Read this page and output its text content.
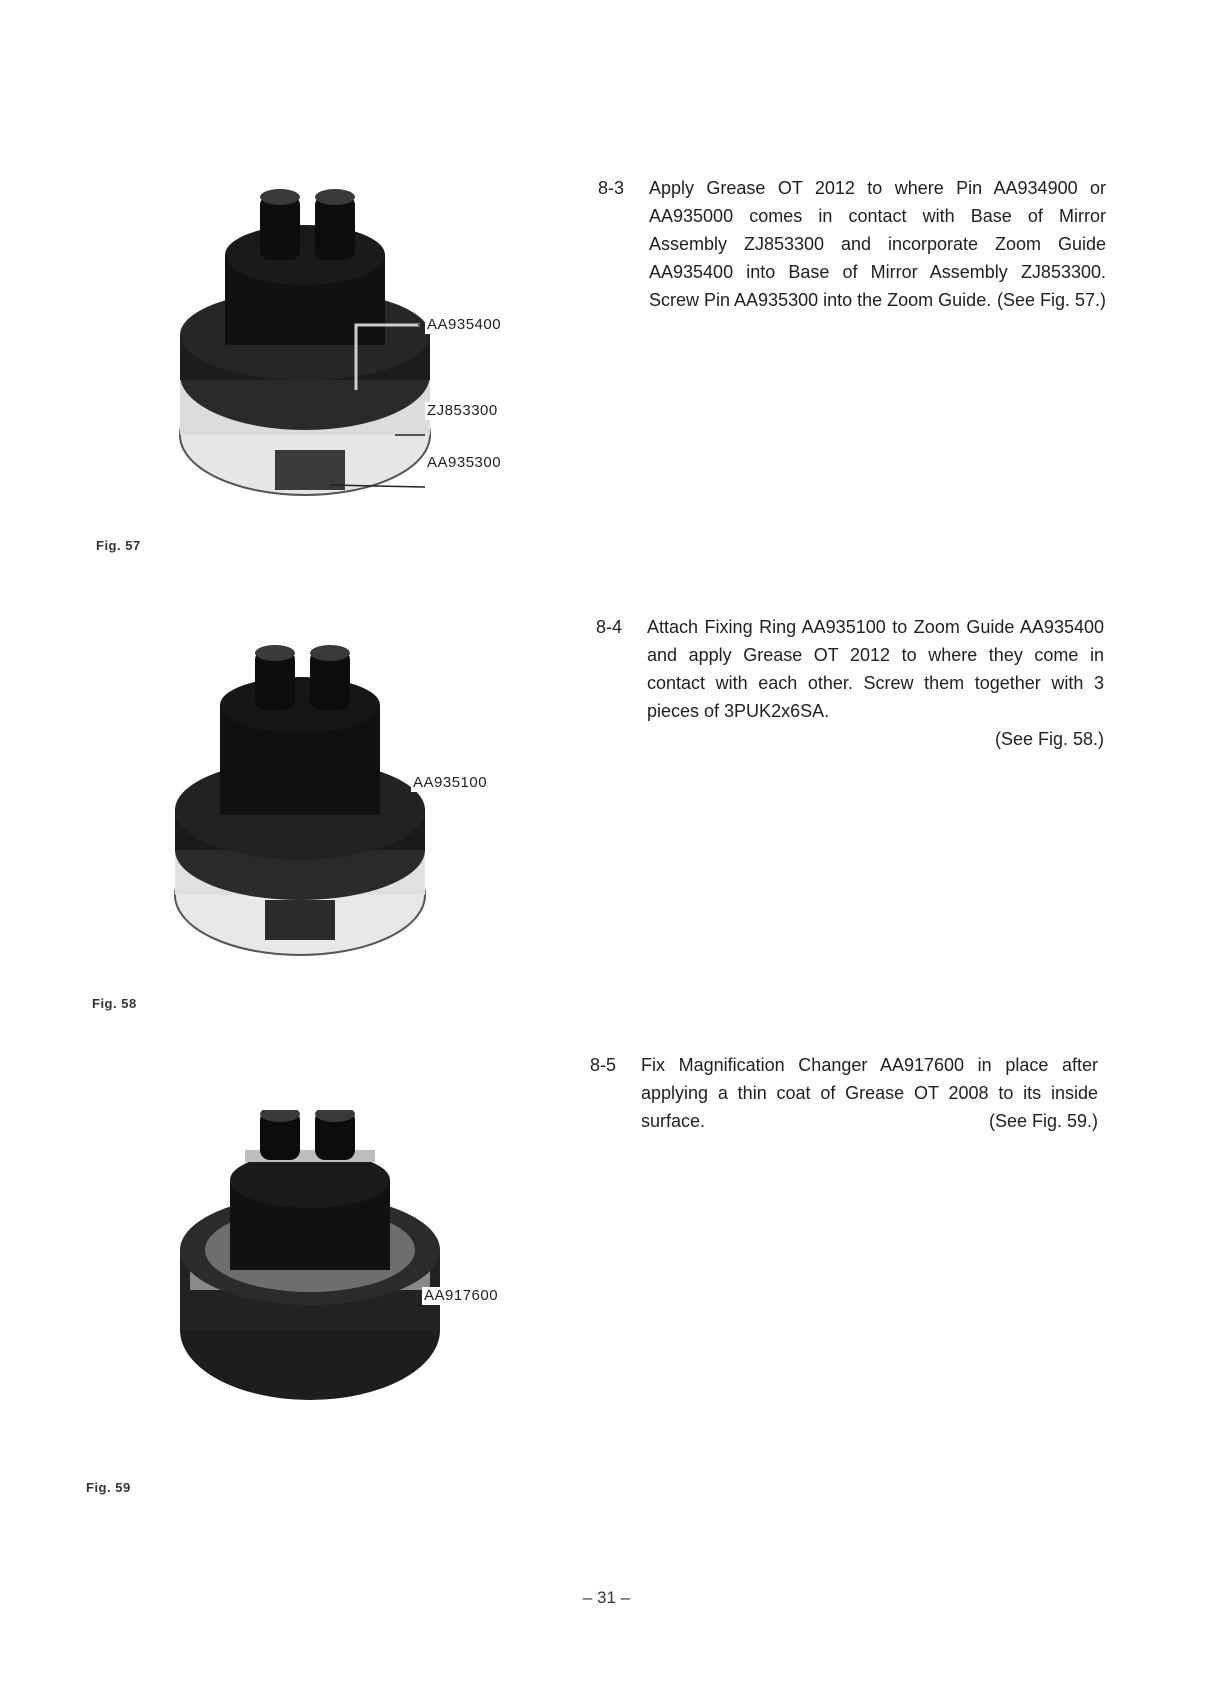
AA935400
ZJ853300
AA935300
Fig. 57
8-3 Apply Grease OT 2012 to where Pin AA934900 or AA935000 comes in contact with Base of Mirror Assembly ZJ853300 and incorporate Zoom Guide AA935400 into Base of Mirror Assembly ZJ853300. Screw Pin AA935300 into the Zoom Guide. (See Fig. 57.)
AA935100
Fig. 58
8-4 Attach Fixing Ring AA935100 to Zoom Guide AA935400 and apply Grease OT 2012 to where they come in contact with each other. Screw them together with 3 pieces of 3PUK2x6SA.
(See Fig. 58.)
AA917600
Fig. 59
8-5 Fix Magnification Changer AA917600 in place after applying a thin coat of Grease OT 2008 to its inside surface.	(See Fig. 59.)
– 31 –
